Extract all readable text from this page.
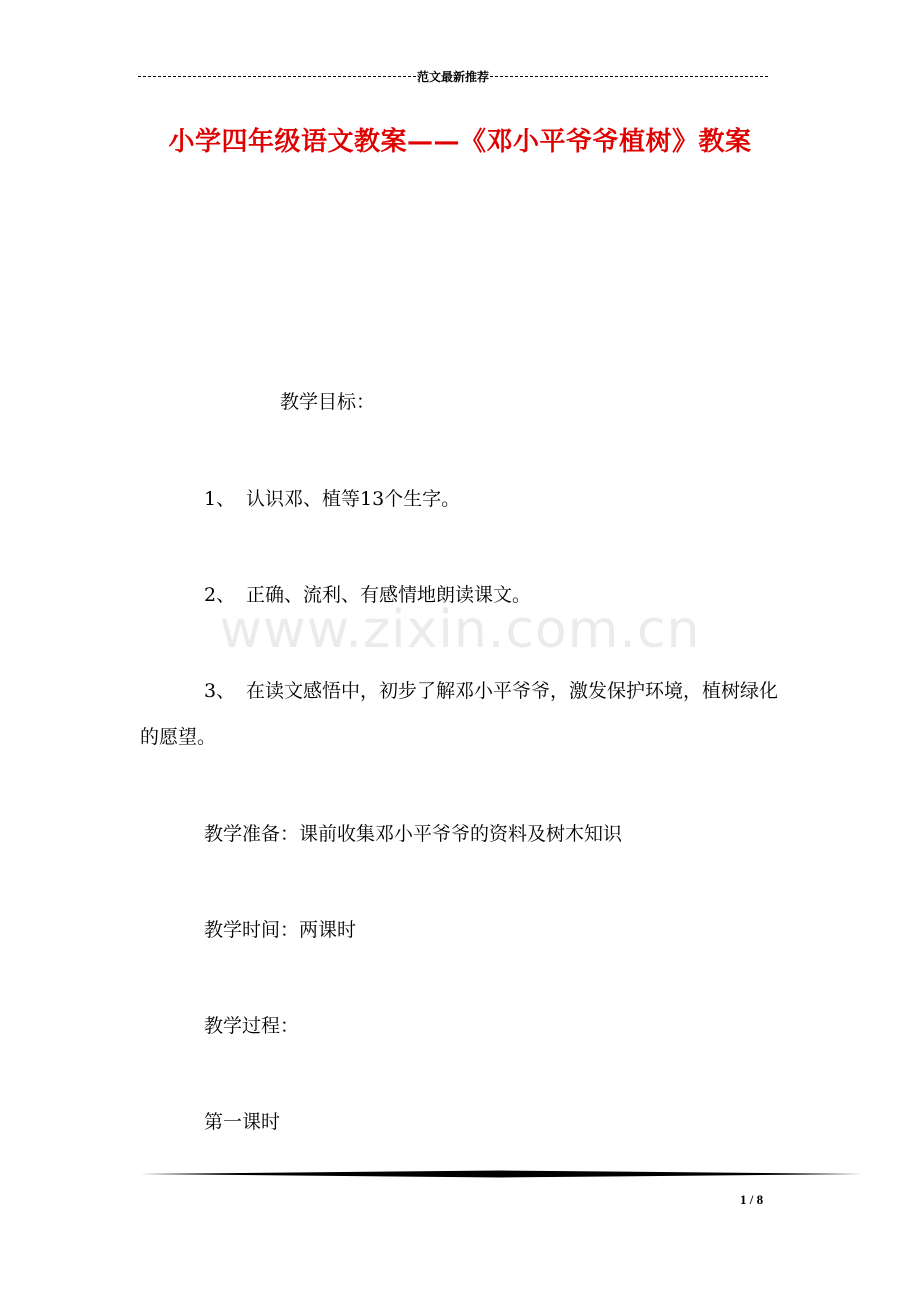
范文最新推荐
小学四年级语文教案——《邓小平爷爷植树》教案
www.zixin.com.cn
教学目标：
1、 认识邓、植等13个生字。
2、 正确、流利、有感情地朗读课文。
3、 在读文感悟中，初步了解邓小平爷爷，激发保护环境，植树绿化的愿望。
教学准备：课前收集邓小平爷爷的资料及树木知识
教学时间：两课时
教学过程：
第一课时
1 / 8
